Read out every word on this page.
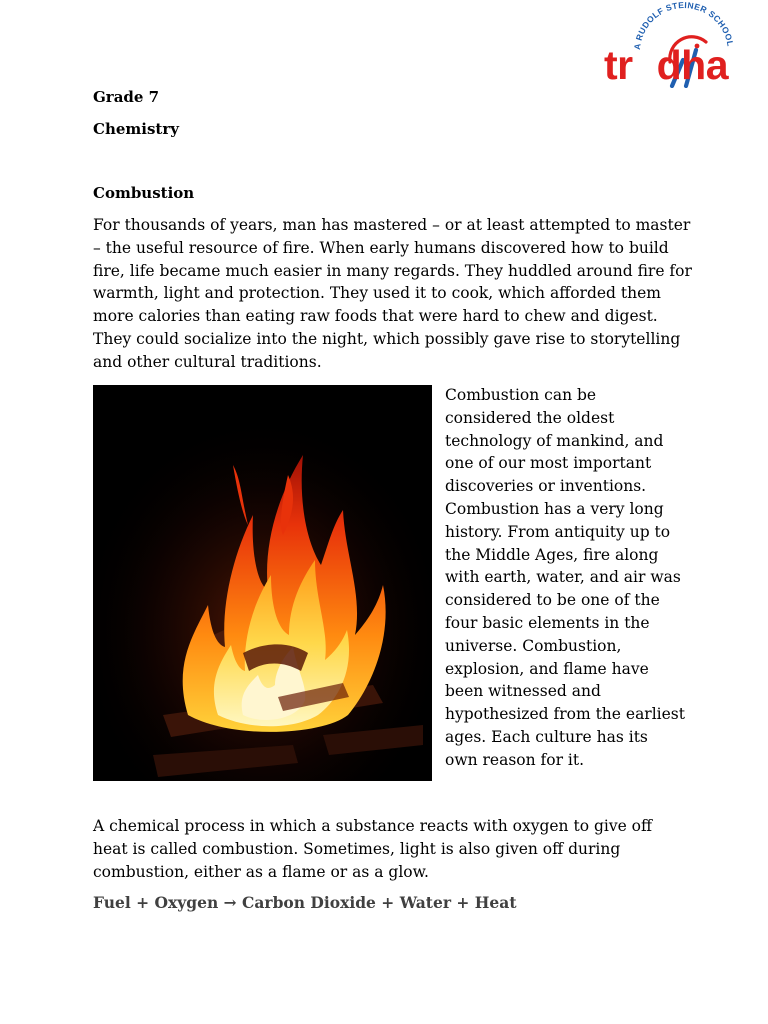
A RUDOLF STEINER SCHOOL
tr dha
Grade 7
Chemistry
Combustion
For thousands of years, man has mastered – or at least attempted to master – the useful resource of fire. When early humans discovered how to build fire, life became much easier in many regards. They huddled around fire for warmth, light and protection. They used it to cook, which afforded them more calories than eating raw foods that were hard to chew and digest. They could socialize into the night, which possibly gave rise to storytelling and other cultural traditions.
Combustion can be considered the oldest technology of mankind, and one of our most important discoveries or inventions. Combustion has a very long history. From antiquity up to the Middle Ages, fire along with earth, water, and air was considered to be one of the four basic elements in the universe. Combustion, explosion, and flame have been witnessed and hypothesized from the earliest ages. Each culture has its own reason for it.
A chemical process in which a substance reacts with oxygen to give off heat is called combustion. Sometimes, light is also given off during combustion, either as a flame or as a glow.
Fuel + Oxygen → Carbon Dioxide + Water + Heat
